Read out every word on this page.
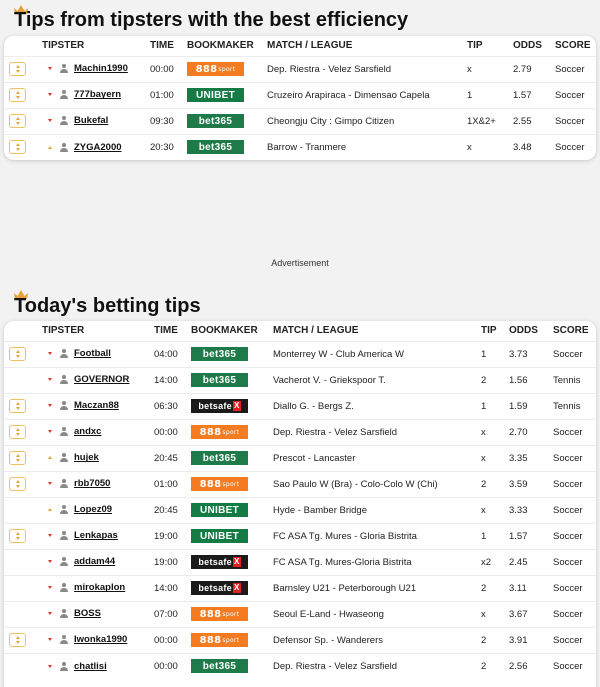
Tips from tipsters with the best efficiency
	TIPSTER	TIME	BOOKMAKER	MATCH / LEAGUE	TIP	ODDS	SCORE
	Machin1990	00:00	888 sport	Dep. Riestra - Velez Sarsfield	x	2.79	Soccer
	777bayern	01:00	UNIBET	Cruzeiro Arapiraca - Dimensao Capela	1	1.57	Soccer
	Bukefal	09:30	bet365	Cheongju City : Gimpo Citizen	1X&2+	2.55	Soccer
	ZYGA2000	20:30	bet365	Barrow - Tranmere	x	3.48	Soccer
Advertisement
Today's betting tips
	TIPSTER	TIME	BOOKMAKER	MATCH / LEAGUE	TIP	ODDS	SCORE
	Football	04:00	bet365	Monterrey W - Club America W	1	3.73	Soccer
	GOVERNOR	14:00	bet365	Vacherot V. - Griekspoor T.	2	1.56	Tennis
	Maczan88	06:30	betsafe X	Diallo G. - Bergs Z.	1	1.59	Tennis
	andxc	00:00	888 sport	Dep. Riestra - Velez Sarsfield	x	2.70	Soccer
	hujek	20:45	bet365	Prescot - Lancaster	x	3.35	Soccer
	rbb7050	01:00	888 sport	Sao Paulo W (Bra) - Colo-Colo W (Chi)	2	3.59	Soccer
	Lopez09	20:45	UNIBET	Hyde - Bamber Bridge	x	3.33	Soccer
	Lenkapas	19:00	UNIBET	FC ASA Tg. Mures - Gloria Bistrita	1	1.57	Soccer
	addam44	19:00	betsafe X	FC ASA Tg. Mures-Gloria Bistrita	x2	2.45	Soccer
	mirokaplon	14:00	betsafe X	Barnsley U21 - Peterborough U21	2	3.11	Soccer
	BOSS	07:00	888 sport	Seoul E-Land - Hwaseong	x	3.67	Soccer
	Iwonka1990	00:00	888 sport	Defensor Sp. - Wanderers	2	3.91	Soccer
	chatlisi	00:00	bet365	Dep. Riestra - Velez Sarsfield	2	2.56	Soccer
